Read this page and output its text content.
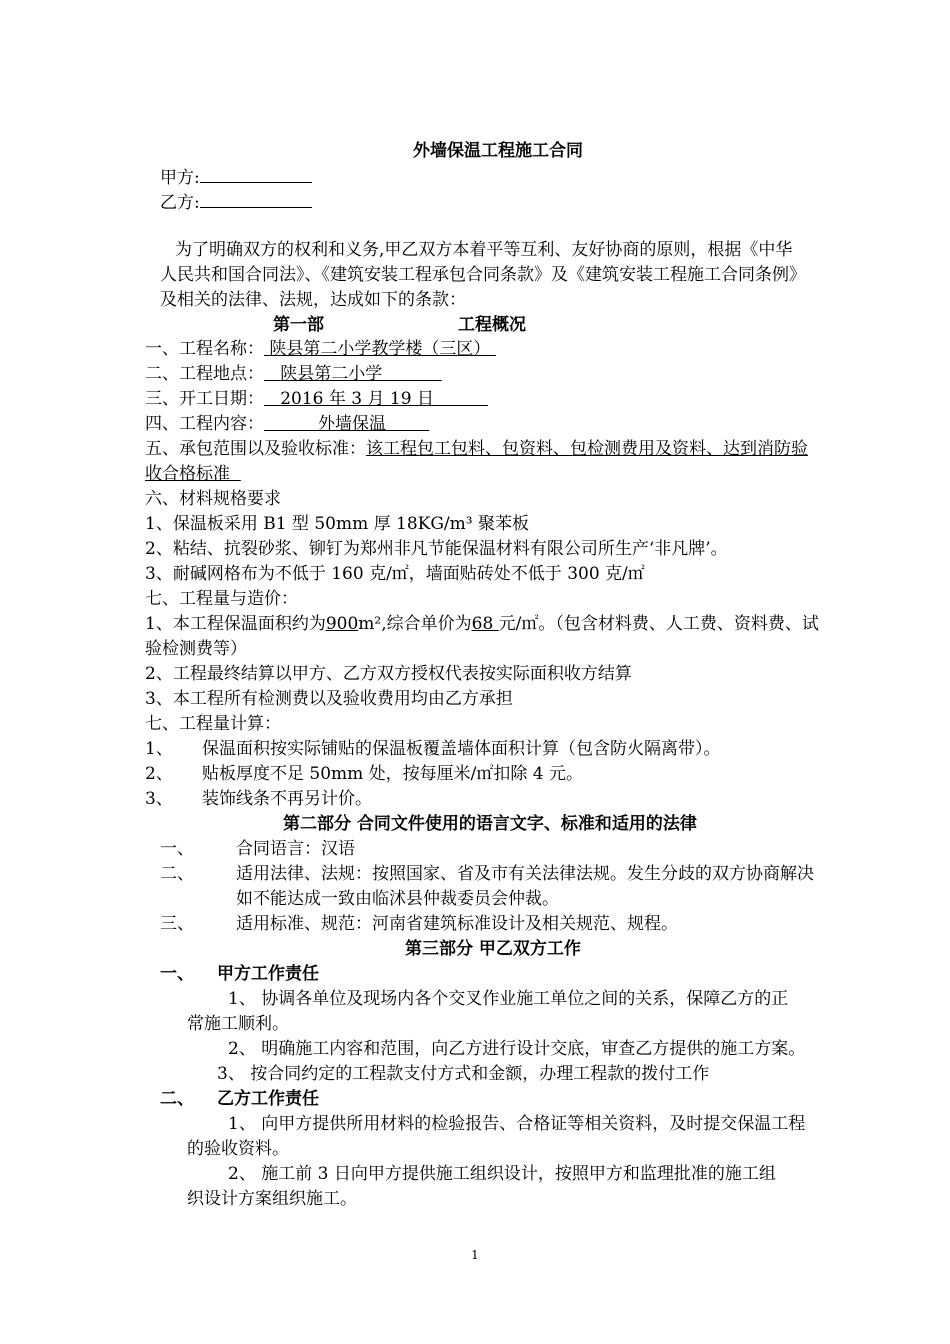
外墙保温工程施工合同
甲方:
乙方:
为了明确双方的权利和义务,甲乙双方本着平等互利、友好协商的原则，根据《中华
人民共和国合同法》、《建筑安装工程承包合同条款》及《建筑安装工程施工合同条例》
及相关的法律、法规，达成如下的条款：
第一部	工程概况
一、工程名称： 陕县第二小学教学楼（三区）
二、工程地点： 陕县第二小学
三、开工日期： 2016 年 3 月 19 日
四、工程内容：	外墙保温
五、承包范围以及验收标准：该工程包工包料、包资料、包检测费用及资料、达到消防验
收合格标准
六、材料规格要求
1、保温板采用 B1 型 50mm 厚 18KG/m³ 聚苯板
2、粘结、抗裂砂浆、铆钉为郑州非凡节能保温材料有限公司所生产‘非凡牌’。
3、耐碱网格布为不低于 160 克/㎡，墙面贴砖处不低于 300 克/㎡
七、工程量与造价：
1、本工程保温面积约为900m²,综合单价为68 元/㎡。（包含材料费、人工费、资料费、试
验检测费等）
2、工程最终结算以甲方、乙方双方授权代表按实际面积收方结算
3、本工程所有检测费以及验收费用均由乙方承担
七、工程量计算：
1、 保温面积按实际铺贴的保温板覆盖墙体面积计算（包含防火隔离带）。
2、 贴板厚度不足 50mm 处，按每厘米/㎡扣除 4 元。
3、 装饰线条不再另计价。
第二部分 合同文件使用的语言文字、标准和适用的法律
一、 合同语言：汉语
二、 适用法律、法规：按照国家、省及市有关法律法规。发生分歧的双方协商解决
如不能达成一致由临沭县仲裁委员会仲裁。
三、 适用标准、规范：河南省建筑标准设计及相关规范、规程。
第三部分 甲乙双方工作
一、 甲方工作责任
1、 协调各单位及现场内各个交叉作业施工单位之间的关系，保障乙方的正
常施工顺利。
2、 明确施工内容和范围，向乙方进行设计交底，审查乙方提供的施工方案。
3、 按合同约定的工程款支付方式和金额，办理工程款的拨付工作
二、 乙方工作责任
1、 向甲方提供所用材料的检验报告、合格证等相关资料，及时提交保温工程
的验收资料。
2、 施工前 3 日向甲方提供施工组织设计，按照甲方和监理批准的施工组
织设计方案组织施工。
1
